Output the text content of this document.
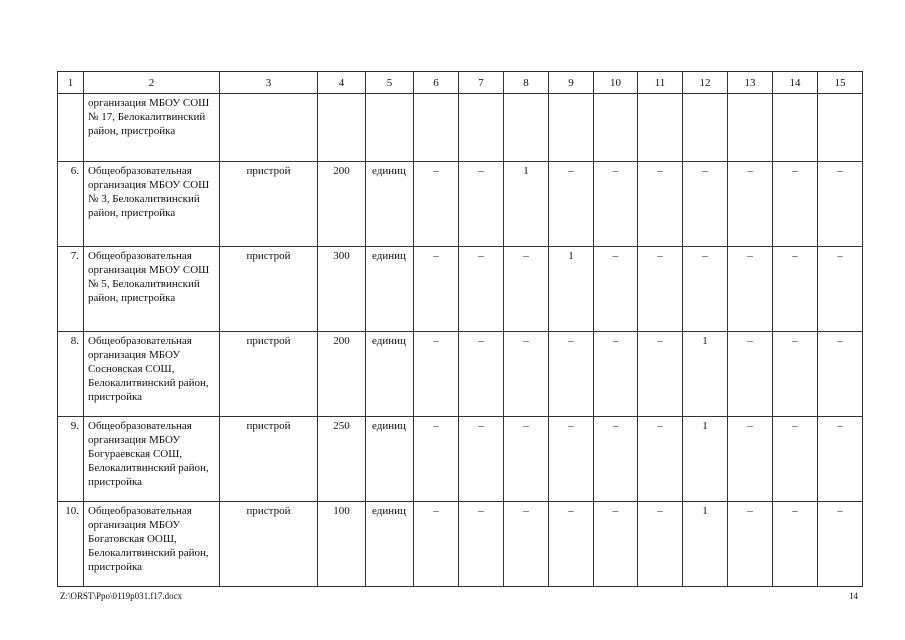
1	2	3	4	5	6	7	8	9	10	11	12	13	14	15
	организация МБОУ СОШ № 17, Белокалитвинский район, пристройка													
6.	Общеобразовательная организация МБОУ СОШ № 3, Белокалитвинский район, пристройка	пристрой	200	единиц	–	–	1	–	–	–	–	–	–	–
7.	Общеобразовательная организация МБОУ СОШ № 5, Белокалитвинский район, пристройка	пристрой	300	единиц	–	–	–	1	–	–	–	–	–	–
8.	Общеобразовательная организация МБОУ Сосновская СОШ, Белокалитвинский район, пристройка	пристрой	200	единиц	–	–	–	–	–	–	1	–	–	–
9.	Общеобразовательная организация МБОУ Богураевская СОШ, Белокалитвинский район, пристройка	пристрой	250	единиц	–	–	–	–	–	–	1	–	–	–
10.	Общеобразовательная организация МБОУ Богатовская ООШ, Белокалитвинский район, пристройка	пристрой	100	единиц	–	–	–	–	–	–	1	–	–	–
Z:\ORST\Ppo\0119p031.f17.docx	14
